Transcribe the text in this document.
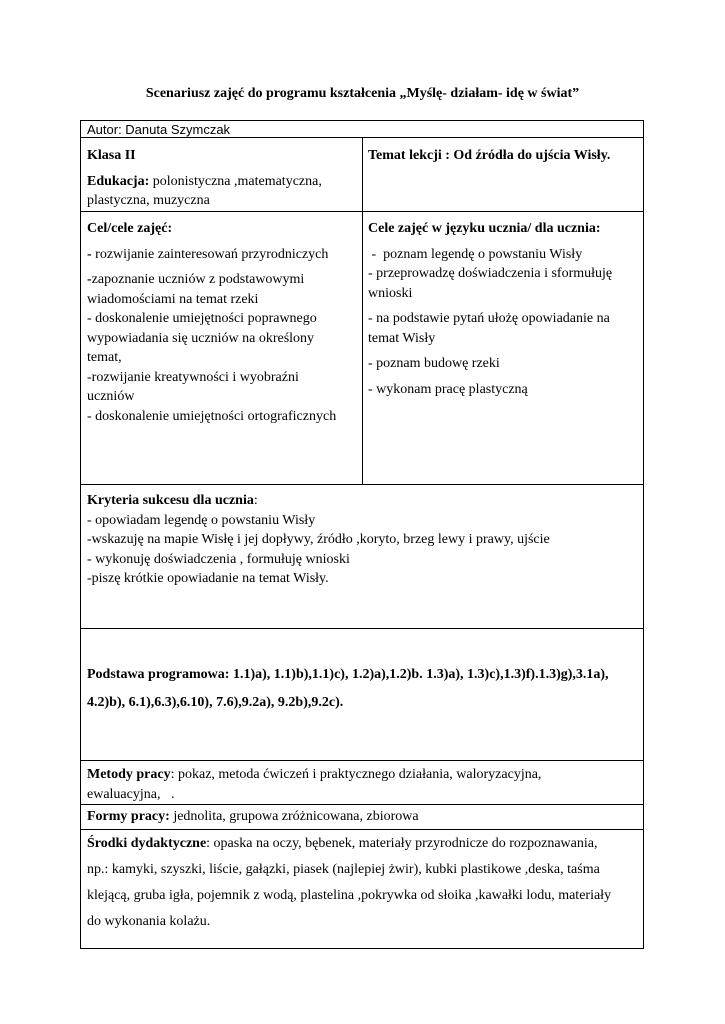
Scenariusz zajęć do programu kształcenia „Myślę- działam- idę w świat”
Autor: Danuta Szymczak

Klasa II

Edukacja: polonistyczna ,matematyczna,

plastyczna, muzyczna

Temat lekcji : Od źródła do ujścia Wisły.

Cel/cele zajęć:

- rozwijanie zainteresowań przyrodniczych

-zapoznanie uczniów z podstawowymi

wiadomościami na temat rzeki

- doskonalenie umiejętności poprawnego

wypowiadania się uczniów na określony

temat,

-rozwijanie kreatywności i wyobraźni

uczniów

- doskonalenie umiejętności ortograficznych

Cele zajęć w języku ucznia/ dla ucznia:

-  poznam legendę o powstaniu Wisły

- przeprowadzę doświadczenia i sformułuję

wnioski

- na podstawie pytań ułożę opowiadanie na

temat Wisły

- poznam budowę rzeki

- wykonam pracę plastyczną

Kryteria sukcesu dla ucznia:

- opowiadam legendę o powstaniu Wisły

-wskazuję na mapie Wisłę i jej dopływy, źródło ,koryto, brzeg lewy i prawy, ujście

- wykonuję doświadczenia , formułuję wnioski

-piszę krótkie opowiadanie na temat Wisły.

Podstawa programowa: 1.1)a), 1.1)b),1.1)c), 1.2)a),1.2)b. 1.3)a), 1.3)c),1.3)f).1.3)g),3.1a),

4.2)b), 6.1),6.3),6.10), 7.6),9.2a), 9.2b),9.2c).

Metody pracy: pokaz, metoda ćwiczeń i praktycznego działania, waloryzacyjna,

ewaluacyjna,   .

Formy pracy: jednolita, grupowa zróżnicowana, zbiorowa

Środki dydaktyczne: opaska na oczy, bębenek, materiały przyrodnicze do rozpoznawania,

np.: kamyki, szyszki, liście, gałązki, piasek (najlepiej żwir), kubki plastikowe ,deska, taśma

klejącą, gruba igła, pojemnik z wodą, plastelina ,pokrywka od słoika ,kawałki lodu, materiały

do wykonania kolażu.
